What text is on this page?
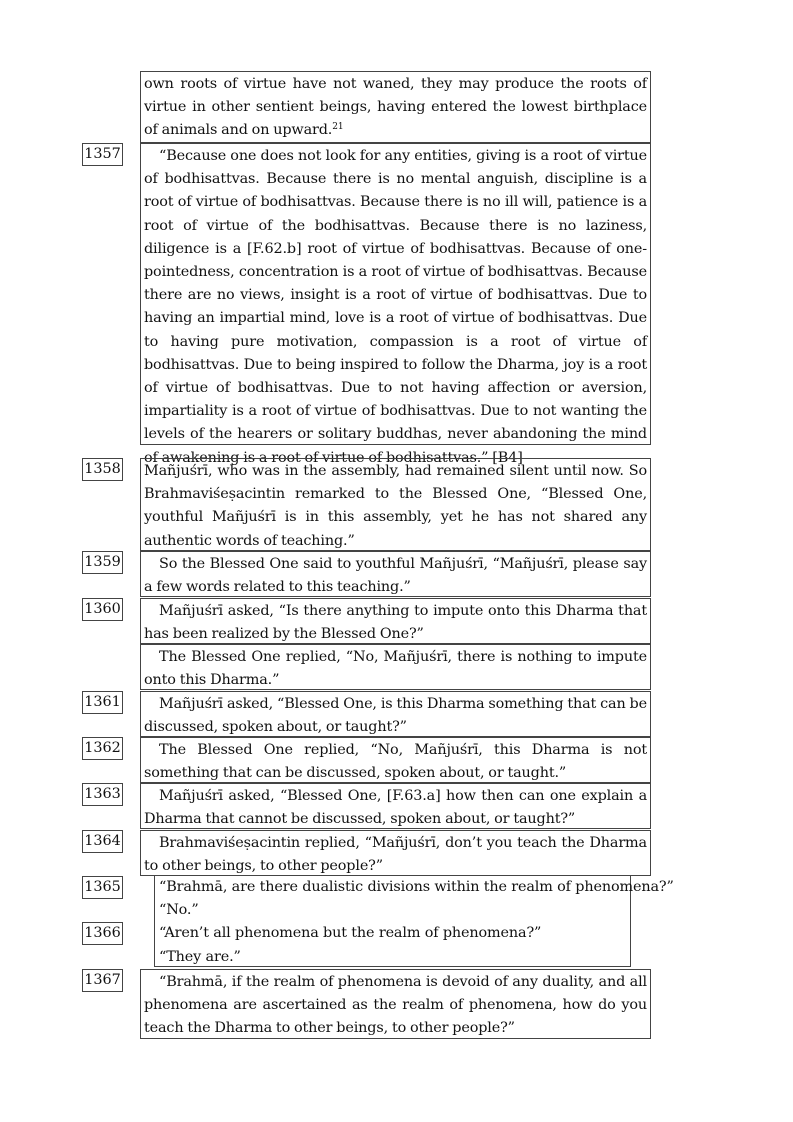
own roots of virtue have not waned, they may produce the roots of virtue in other sentient beings, having entered the lowest birthplace of animals and on upward.$^{21}$
1357	“Because one does not look for any entities, giving is a root of virtue of bodhisattvas. Because there is no mental anguish, discipline is a root of virtue of bodhisattvas. Because there is no ill will, patience is a root of virtue of the bodhisattvas. Because there is no laziness, diligence is a [F.62.b] root of virtue of bodhisattvas. Because of one-pointedness, concentration is a root of virtue of bodhisattvas. Because there are no views, insight is a root of virtue of bodhisattvas. Due to having an impartial mind, love is a root of virtue of bodhisattvas. Due to having pure motivation, compassion is a root of virtue of bodhisattvas. Due to being inspired to follow the Dharma, joy is a root of virtue of bodhisattvas. Due to not having affection or aversion, impartiality is a root of virtue of bodhisattvas. Due to not wanting the levels of the hearers or solitary buddhas, never abandoning the mind of awakening is a root of virtue of bodhisattvas.” [B4]
1358 Mañjuśrī, who was in the assembly, had remained silent until now. So Brahmaviśeṣacintin remarked to the Blessed One, “Blessed One, youthful Mañjuśrī is in this assembly, yet he has not shared any authentic words of teaching.”
1359	So the Blessed One said to youthful Mañjuśrī, “Mañjuśrī, please say a few words related to this teaching.”
1360	Mañjuśrī asked, “Is there anything to impute onto this Dharma that has been realized by the Blessed One?”
The Blessed One replied, “No, Mañjuśrī, there is nothing to impute onto this Dharma.”
1361	Mañjuśrī asked, “Blessed One, is this Dharma something that can be discussed, spoken about, or taught?”
1362	The Blessed One replied, “No, Mañjuśrī, this Dharma is not something that can be discussed, spoken about, or taught.”
1363	Mañjuśrī asked, “Blessed One, [F.63.a] how then can one explain a Dharma that cannot be discussed, spoken about, or taught?”
1364	Brahmaviśeṣacintin replied, “Mañjuśrī, don’t you teach the Dharma to other beings, to other people?”
1365
1366
“Brahmā, are there dualistic divisions within the realm of phenomena?”
“No.”
“Aren’t all phenomena but the realm of phenomena?”
“They are.”
1367	“Brahmā, if the realm of phenomena is devoid of any duality, and all phenomena are ascertained as the realm of phenomena, how do you teach the Dharma to other beings, to other people?”
